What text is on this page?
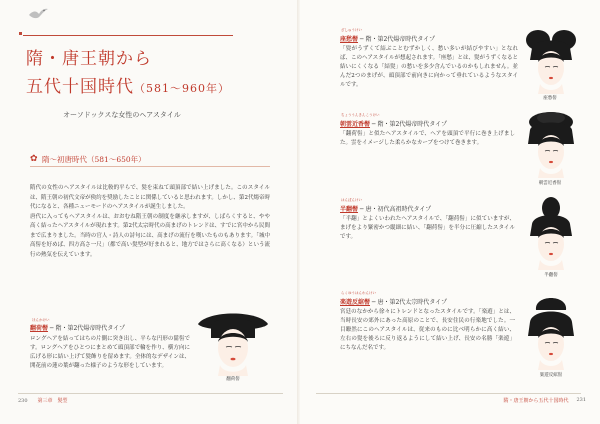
隋・唐王朝から
五代十国時代（581～960年）
オーソドックスな女性のヘアスタイル
✿ 隋～初唐時代（581～650年）
隋代の女性のヘアスタイルは比較的平らで、髪を束ねて頭頂部で結い上げました。このスタイルは、隋王朝の初代文帝が倹約を奨励したことに関係していると思われます。しかし、第2代煬帝時代になると、各種ニューモードのヘアスタイルが誕生しました。
唐代に入ってもヘアスタイルは、おおむね隋王朝の制度を継承しますが、しばらくすると、やや高く結ったヘアスタイルが現れます。第2代太宗時代の高まげのトレンドは、すでに宮中から民間まで広まりました。当時の官人・詩人の詩句には、高まげの流行を嘆いたものもあります。「城中高髻を好めば、四方高さ一尺」（都で高い髪型が好まれると、地方ではさらに高くなる）という流行の熱気を伝えています。
ほんかけい
翻荷髻 ─ 隋・第2代煬帝時代タイプ
ロングヘアを結ってはちの片側に突き出し、平らな円形の髷髻です。ロングヘアをひとつにまとめて頭頂部で輪を作り、横方向に広げる形に結い上げて髪飾りを留めます。全体的なデザインは、開花前の蓮の葉が翻った様子のような形をしています。
翻荷髻
230 第三章　髪型
ざしゅうけい
座愁髻 ─ 隋・第2代煬帝時代タイプ
「髪がうずくて結ぶことむずかしく、愁い多いが結びやすい」となれば、このヘアスタイルが想起されます。「座愁」とは、髪がうずくなると結いにくくなる「結髪」の愁いを多少含んでいるのかもしれません。並んだ2つのまげが、頭頂部で前向きに向かって垂れているようなスタイルです。
座愁髻
ちょううんきんこうけい
朝雲近香髻 ─ 隋・第2代煬帝時代タイプ
「翻荷髻」と似たヘアスタイルで、ヘアを頭頂で平行に巻き上げました。雲をイメージした柔らかなカーブをつけて巻きます。
朝雲近香髻
はんぽんけい
半翻髻 ─ 唐・初代高祖時代タイプ
「半翻」とよくいわれたヘアスタイルで、「翻荷髻」に似ていますが、まげをより緊密かつ縦細に結い、「翻荷髻」を半分に圧縮したスタイルです。
半翻髻
らくゆうはんわんけい
楽遊反綰髻 ─ 唐・第2代太宗時代タイプ
宮廷のなかから徐々にトレンドとなったスタイルです。「楽遊」とは、当時長安の郊外にあった高原のことで、長安住民の行楽地でした。一目瞭然にこのヘアスタイルは、従来のものに比べ明らかに高く結い、左右の髪を後ろに反り返るようにして結い上げ、長安の名勝「楽遊」にちなんだ名です。
楽遊反綰髻
隋・唐王朝から五代十国時代 231
